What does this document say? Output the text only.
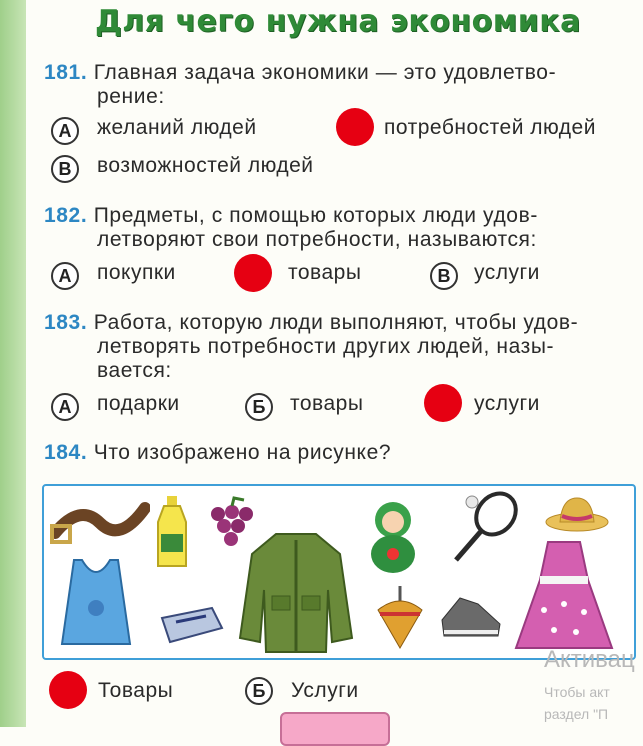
Для чего нужна экономика
181. Главная задача экономики — это удовлетво-
рение:
А	желаний людей	потребностей людей
В	возможностей людей
182. Предметы, с помощью которых люди удов-
летворяют свои потребности, называются:
А	покупки	товары	В	услуги
183. Работа, которую люди выполняют, чтобы удов-
летворять потребности других людей, назы-
вается:
А	подарки	Б	товары	услуги
184. Что изображено на рисунке?
Товары	Б	Услуги
Активац
Чтобы акт
раздел "П
